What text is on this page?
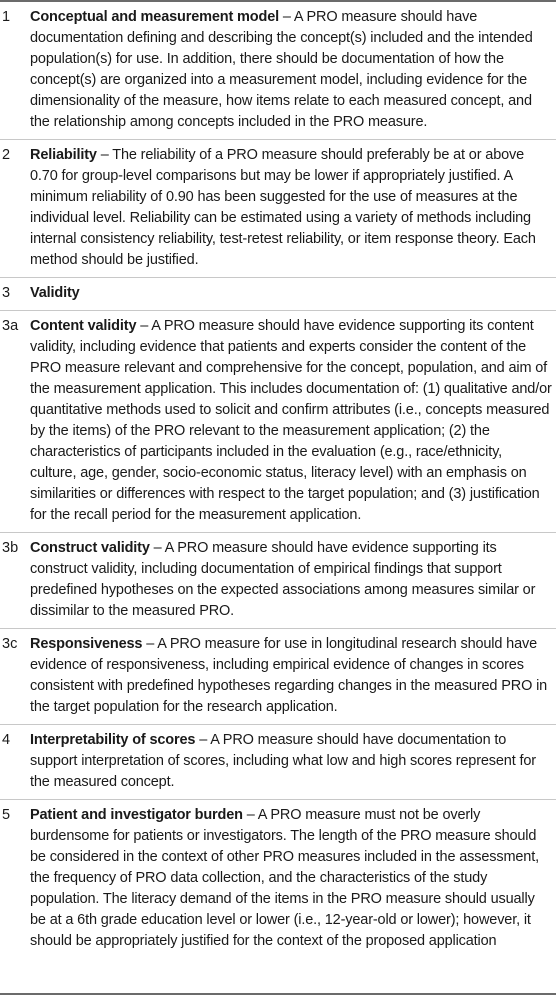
1	Conceptual and measurement model – A PRO measure should have documentation defining and describing the concept(s) included and the intended population(s) for use. In addition, there should be documentation of how the concept(s) are organized into a measurement model, including evidence for the dimensionality of the measure, how items relate to each measured concept, and the relationship among concepts included in the PRO measure.
2	Reliability – The reliability of a PRO measure should preferably be at or above 0.70 for group-level comparisons but may be lower if appropriately justified. A minimum reliability of 0.90 has been suggested for the use of measures at the individual level. Reliability can be estimated using a variety of methods including internal consistency reliability, test-retest reliability, or item response theory. Each method should be justified.
3	Validity
3a Content validity – A PRO measure should have evidence supporting its content validity, including evidence that patients and experts consider the content of the PRO measure relevant and comprehensive for the concept, population, and aim of the measurement application. This includes documentation of: (1) qualitative and/or quantitative methods used to solicit and confirm attributes (i.e., concepts measured by the items) of the PRO relevant to the measurement application; (2) the characteristics of participants included in the evaluation (e.g., race/ethnicity, culture, age, gender, socio-economic status, literacy level) with an emphasis on similarities or differences with respect to the target population; and (3) justification for the recall period for the measurement application.
3b Construct validity – A PRO measure should have evidence supporting its construct validity, including documentation of empirical findings that support predefined hypotheses on the expected associations among measures similar or dissimilar to the measured PRO.
3c Responsiveness – A PRO measure for use in longitudinal research should have evidence of responsiveness, including empirical evidence of changes in scores consistent with predefined hypotheses regarding changes in the measured PRO in the target population for the research application.
4	Interpretability of scores – A PRO measure should have documentation to support interpretation of scores, including what low and high scores represent for the measured concept.
5	Patient and investigator burden – A PRO measure must not be overly burdensome for patients or investigators. The length of the PRO measure should be considered in the context of other PRO measures included in the assessment, the frequency of PRO data collection, and the characteristics of the study population. The literacy demand of the items in the PRO measure should usually be at a 6th grade education level or lower (i.e., 12-year-old or lower); however, it should be appropriately justified for the context of the proposed application
